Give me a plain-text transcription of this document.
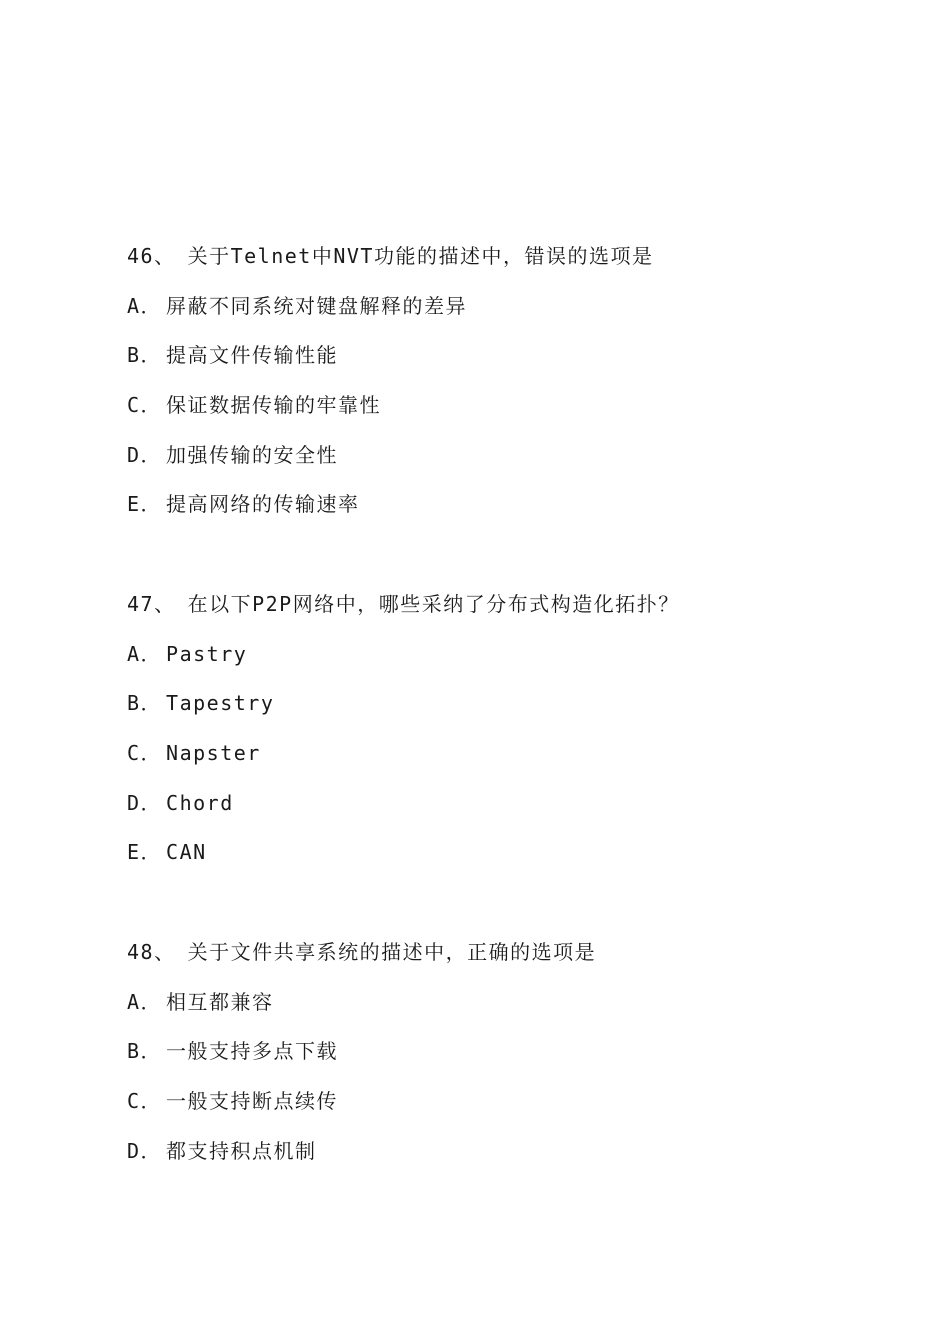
46、 关于Telnet中NVT功能的描述中，错误的选项是
A． 屏蔽不同系统对键盘解释的差异
B． 提高文件传输性能
C． 保证数据传输的牢靠性
D． 加强传输的安全性
E． 提高网络的传输速率
47、 在以下P2P网络中，哪些采纳了分布式构造化拓扑？
A． Pastry
B． Tapestry
C． Napster
D． Chord
E． CAN
48、 关于文件共享系统的描述中，正确的选项是
A． 相互都兼容
B． 一般支持多点下载
C． 一般支持断点续传
D． 都支持积点机制
